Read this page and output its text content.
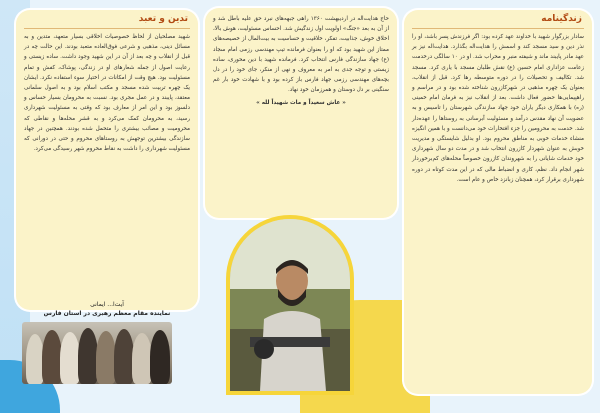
زندگینامه

سادار بزرگوار شهید با خداوند عهد کرده بود: اگر فرزندش پسر باشد، او را نذر دین و سید مسجد کند و اسمش را هدایت‌اله بگذارد. هدایت‌اله نیز بر عهد مادر پایبند ماند و شیفته منبر و محراب شد. او در ۱۰ سالگی درخدمت زعامت عزاداری امام حسین (ع) نقش طلبان مسجد با یاری کرد. مسجد شد. تکالیف و تحصیلات را در دوره متوسطه رها کرد. قبل از انقلاب، بعنوان یک چهره مذهبی در شهرکازرون شناخته شده بود و در مراسم و راهپیمایی‌ها حضور فعال داشت. بعد از انقلاب نیز به فرمان امام خمینی (ره) با همکاری دیگر یاران خود جهاد سازندگی شهرستان را تاسیس و به عضویت آن نهاد مقدس درآمد و مسئولیت آبرسانی به روستاها را عهده‌دار شد. خدمت به محرومین را جزء افتخارات خود می‌دانست و با همین انگیزه منشاء خدمات خوبی به مناطق محروم بود. او بدلیل شایستگی و مدیریت خوبش به عنوان شهردار کازرون انتخاب شد و در مدت دو سال شهرداری خود خدمات شایانی را به شهروندان کازرون خصوصاً محله‌های کم‌برخوردار شهر انجام داد. نظم، کاری و انضباط مالی که در این مدت کوتاه در دوره شهرداری برقرار کرد، همچنان زبانزد خاص و عام است.

حاج هدایت‌اله در اردیبهشت ۱۳۶۰ راهی جبهه‌های نبرد حق علیه باطل شد و از آن به بعد «جنگ» اولویت اول زندگیش شد. احساس مسئولیت، هوش بالا، اخلاق خوش، جذابیت، تفکر، خلاقیت و حساسیت به بیت‌المال از خصیصه‌های ممتاز این شهید بود که او را بعنوان فرمانده تیپ مهندسی رزمی امام سجاد (ع) جهاد سازندگی فارس انتخاب کرد. فرمانده شهید با دین محوری، ساده زیستی و توجه جدی به امر به معروف و نهی از منکر، جای خود را در دل بچه‌های مهندسی رزمی جهاد فارس باز کرده بود و با شهادت خود بار غم سنگینی بر دل دوستان و همرزمان خود نهاد.
« عاش سعیداً و مات شهیداً لله »

تدین و تعبد

شهید مصلحیان از لحاظ خصوصیات اخلاقی بسیار متعهد، متدین و به مسائل دینی، مذهبی و شرعی فوق‌العاده متعبد بودند. این حالت چه در قبل از انقلاب و چه بعد از آن در این شهید وجود داشت. ساده زیستی و رعایت اصول از جمله شعارهای او در زندگی، پوشاک، کفش و تمام مسئولیت بود. هیچ وقت از امکانات در اختیار سوء استفاده نکرد. ایشان یک چهره تربیت شده مسجد و مکتب اسلام بود و به اصول سلمانی معتقد، پایبند و در عمل مجری بود. نسبت به محرومان بسیار حساس و دلسوز بود و این امر از معارف بود که وقتی به مسئولیت شهرداری رسید، به محرومان کمک می‌کرد و به قشر محله‌ها و نقاطی که محرومیت و مصائب بیشتری را متحمل شده بودند. همچنین در جهاد سازندگی بیشترین توجهش به روستاهای محروم و حتی در دورانی که مسئولیت شهرداری را داشت به نقاط محروم شهر رسیدگی می‌کرد.

آیت‌ا... ایمانی
نماینده مقام معظم رهبری در استان فارس
